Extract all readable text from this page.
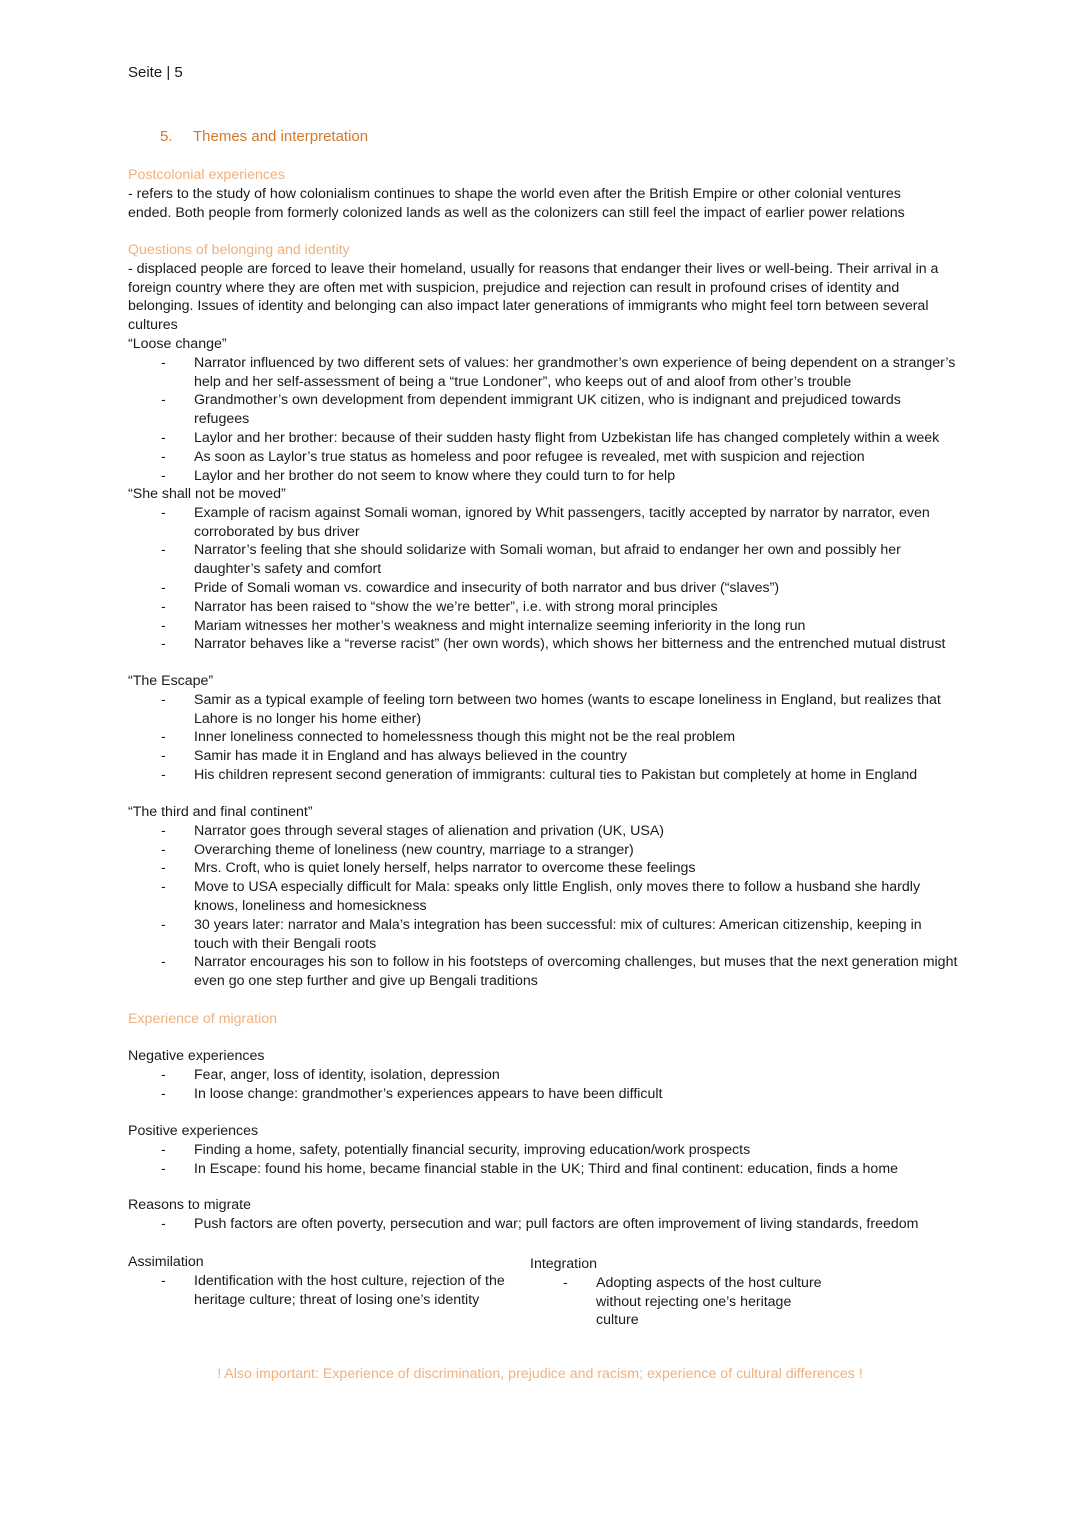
Seite | 5
5. Themes and interpretation
Postcolonial experiences
- refers to the study of how colonialism continues to shape the world even after the British Empire or other colonial ventures ended. Both people from formerly colonized lands as well as the colonizers can still feel the impact of earlier power relations
Questions of belonging and identity
- displaced people are forced to leave their homeland, usually for reasons that endanger their lives or well-being. Their arrival in a foreign country where they are often met with suspicion, prejudice and rejection can result in profound crises of identity and belonging. Issues of identity and belonging can also impact later generations of immigrants who might feel torn between several cultures
“Loose change”
- Narrator influenced by two different sets of values: her grandmother’s own experience of being dependent on a stranger’s help and her self-assessment of being a “true Londoner”, who keeps out of and aloof from other’s trouble
- Grandmother’s own development from dependent immigrant UK citizen, who is indignant and prejudiced towards refugees
- Laylor and her brother: because of their sudden hasty flight from Uzbekistan life has changed completely within a week
- As soon as Laylor’s true status as homeless and poor refugee is revealed, met with suspicion and rejection
- Laylor and her brother do not seem to know where they could turn to for help
“She shall not be moved”
- Example of racism against Somali woman, ignored by Whit passengers, tacitly accepted by narrator by narrator, even corroborated by bus driver
- Narrator’s feeling that she should solidarize with Somali woman, but afraid to endanger her own and possibly her daughter’s safety and comfort
- Pride of Somali woman vs. cowardice and insecurity of both narrator and bus driver (“slaves”)
- Narrator has been raised to “show the we’re better”, i.e. with strong moral principles
- Mariam witnesses her mother’s weakness and might internalize seeming inferiority in the long run
- Narrator behaves like a “reverse racist” (her own words), which shows her bitterness and the entrenched mutual distrust
“The Escape”
- Samir as a typical example of feeling torn between two homes (wants to escape loneliness in England, but realizes that Lahore is no longer his home either)
- Inner loneliness connected to homelessness though this might not be the real problem
- Samir has made it in England and has always believed in the country
- His children represent second generation of immigrants: cultural ties to Pakistan but completely at home in England
“The third and final continent”
- Narrator goes through several stages of alienation and privation (UK, USA)
- Overarching theme of loneliness (new country, marriage to a stranger)
- Mrs. Croft, who is quiet lonely herself, helps narrator to overcome these feelings
- Move to USA especially difficult for Mala: speaks only little English, only moves there to follow a husband she hardly knows, loneliness and homesickness
- 30 years later: narrator and Mala’s integration has been successful: mix of cultures: American citizenship, keeping in touch with their Bengali roots
- Narrator encourages his son to follow in his footsteps of overcoming challenges, but muses that the next generation might even go one step further and give up Bengali traditions
Experience of migration
Negative experiences
- Fear, anger, loss of identity, isolation, depression
- In loose change: grandmother’s experiences appears to have been difficult
Positive experiences
- Finding a home, safety, potentially financial security, improving education/work prospects
- In Escape: found his home, became financial stable in the UK; Third and final continent: education, finds a home
Reasons to migrate
- Push factors are often poverty, persecution and war; pull factors are often improvement of living standards, freedom
Assimilation
- Identification with the host culture, rejection of the heritage culture; threat of losing one’s identity
Integration
- Adopting aspects of the host culture without rejecting one’s heritage culture
! Also important: Experience of discrimination, prejudice and racism; experience of cultural differences !
